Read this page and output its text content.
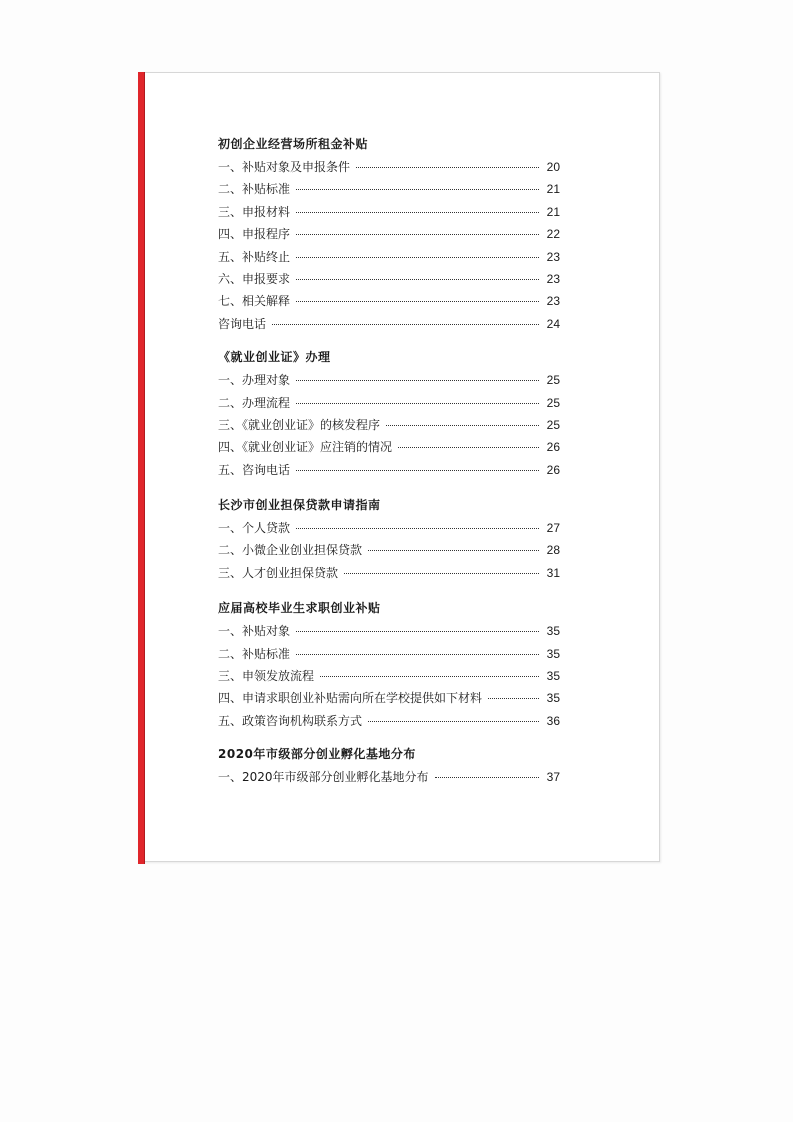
初创企业经营场所租金补贴
一、补贴对象及申报条件	20
二、补贴标准	21
三、申报材料	21
四、申报程序	22
五、补贴终止	23
六、申报要求	23
七、相关解释	23
咨询电话	24
《就业创业证》办理
一、办理对象	25
二、办理流程	25
三、《就业创业证》的核发程序	25
四、《就业创业证》应注销的情况	26
五、咨询电话	26
长沙市创业担保贷款申请指南
一、个人贷款	27
二、小微企业创业担保贷款	28
三、人才创业担保贷款	31
应届高校毕业生求职创业补贴
一、补贴对象	35
二、补贴标准	35
三、申领发放流程	35
四、申请求职创业补贴需向所在学校提供如下材料	35
五、政策咨询机构联系方式	36
2020年市级部分创业孵化基地分布
一、2020年市级部分创业孵化基地分布	37
